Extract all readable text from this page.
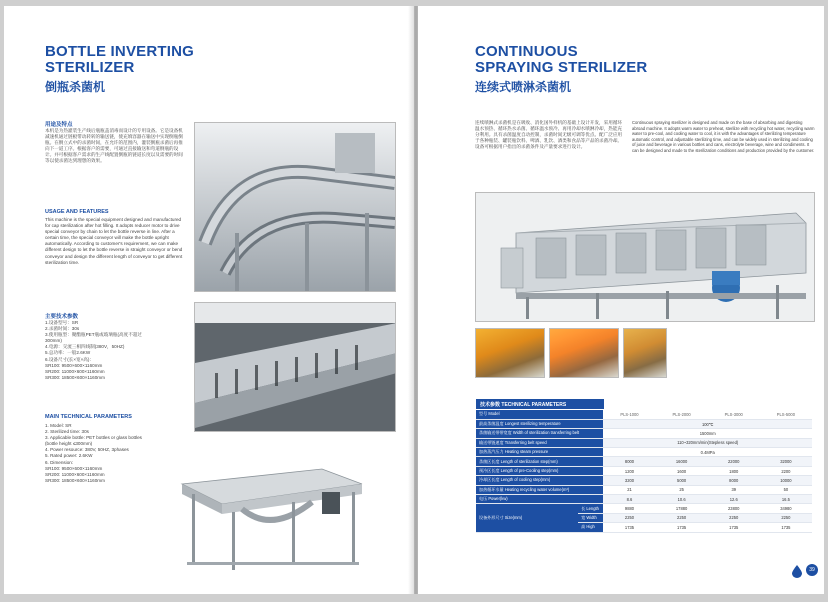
BOTTLE INVERTING
STERILIZER
倒瓶杀菌机
用途及特点
本机是为热灌装生产线后瓶瓶盖消毒而设计的专用设备。它是设备机减速机通过链板带动转转的输送链，使充填容器在输送中实现倒瓶倒瓶。在倒立式中的杀菌时间，在允许的范围内，灌装倒瓶杀菌后再推向下一道工序。根据客户的需要，可通过直接输送和弯道倒瓶的设计。并可根据客户需求的生产线配置倒瓶的链道长度以及需要的时间等以使杀菌达到理想的效果。
USAGE AND FEATURES
This machine is the special equipment designed and manufactured for cap sterilization after hot filling. It adopts reducer motor to drive special conveyor by chain to let the bottle reverse in line. After a certain time, the special conveyor will make the bottle upright automatically. According to customer's requirement, we can make different design to let the bottle reverse in straight conveyor or bend conveyor and design the different length of conveyor to get different sterilization time.
主要技术参数
1.设备型号：SR
2.杀菌时间：30s
3.使用瓶型：聚酯瓶PET瓶或玻璃瓶(高度不超过
300mm)
4.电源：交流三相四线制(380V，50HZ)
5.总功率：一般2.6KW
6.设备尺寸(长×宽×高)：
SR100: 9500×600×1160mm
SR200: 11000×600×1160mm
SR300: 18500×600×1160mm
MAIN TECHNICAL PARAMETERS
1. Model: SR
2. Sterilized time: 30s
3. Applicable bottle: PET bottles or glass bottles
(bottle height ≤300mm)
4. Power resource: 380V, 50HZ, 3phases
5. Rated power: 2.6KW
6. Dimension:
SR100: 9500×600×1160mm
SR200: 11000×600×1160mm
SR300: 18500×600×1160mm
CONTINUOUS
SPRAYING STERILIZER
连续式喷淋杀菌机
连续喷淋式杀菌机是在吸收、消化国外样机的基础上设计开发，采用循环温水预热、循环热水杀菌、循环温水预冷、再用冷却水喷淋冷却，热能充分利用。具有杀菌温度自动控制，杀菌时间无级可调等优点。配广泛应用于各种瓶装、罐装瓶饮料、啤酒、乳饮、酒类和食品等产品的杀菌冷却。设备可根据用户指出的杀菌条件及产量要求进行设计。
Continuous spraying sterilizer is designed and made on the base of absorbing and digesting abroad machine. It adopts warm water to preheat, sterilize with recycling hot water, recycling warm water to pre-cool, and cooling water to cool, it is with the advantages of sterilizing temperature automatic control, and adjustable sterilizing time, and can be widely used in sterilizing and cooling of juice and beverage in various bottles and cans, electrolyte beverage, wine and condiments. It can be designed and made to the sterilization conditions and production provided by the customer.
技术参数 TECHNICAL PARAMETERS
型号 Model		PLS-1000	PLS-2000	PLS-3000	PLS-5000
最高杀菌温度 Longest sterilizing temperature		100℃			
杀菌输送带带宽度 Width of sterilization transferring belt		1500mm			
输送带链速度 Transferring belt speed		110~320mm/min(Stepless speed)			
加热蒸汽压力 Heating steam pressure		0.4MPa			
杀菌区长度 Length of sterilization step(mm)		8000	16000	22000	32000
预冷区长度 Length of pre-Cooling step(mm)		1200	1600	1800	2200
冷却区长度 Length of cooling step(mm)		3200	5000	8000	10000
加热循环水量 Heating recycling water volume(m³)		21	25	39	50
电压 Power(kw)		8.6	10.6	12.6	16.5
设备外形尺寸 Size(mm)	长 Length	9880	17880	23800	34980
	宽 Width	2250	2250	2250	2250
	高 High	1735	1735	1735	1735
39
